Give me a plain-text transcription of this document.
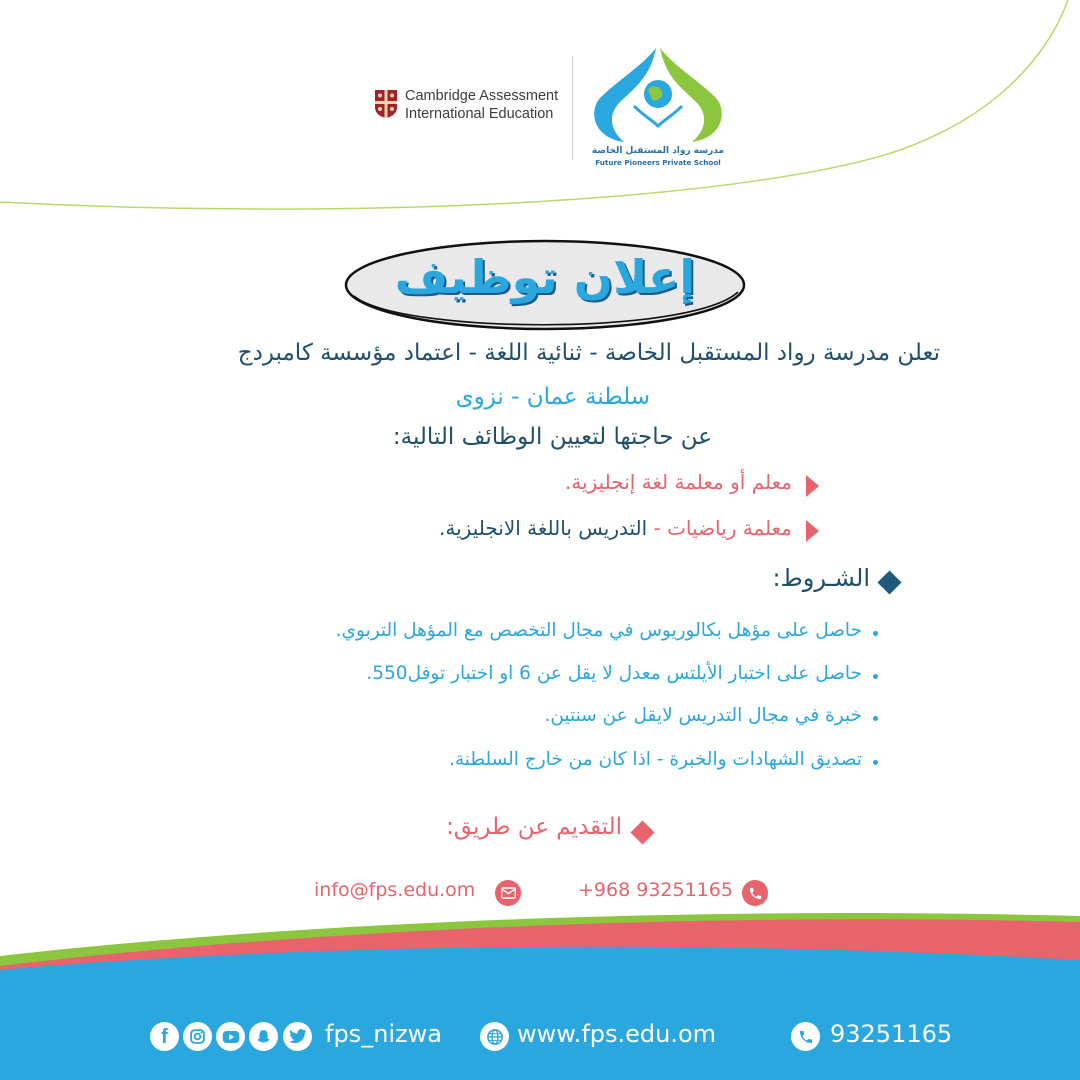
Cambridge Assessment
International Education
مدرسة رواد المستقبل الخاصة
Future Pioneers Private School
إعلان توظيف
تعلن مدرسة رواد المستقبل الخاصة - ثنائية اللغة - اعتماد مؤسسة كامبردج
سلطنة عمان - نزوى
عن حاجتها لتعيين الوظائف التالية:
معلم أو معلمة لغة إنجليزية.
معلمة رياضيات - التدريس باللغة الانجليزية.
الشـروط:
حاصل على مؤهل بكالوريوس في مجال التخصص مع المؤهل التربوي.
حاصل على اختبار الأيلتس معدل لا يقل عن 6 او اختبار توفل550.
خبرة في مجال التدريس لايقل عن سنتين.
تصديق الشهادات والخبرة - اذا كان من خارج السلطنة.
التقديم عن طريق:
+968 93251165
info@fps.edu.om
f	fps_nizwa	www.fps.edu.om	93251165
